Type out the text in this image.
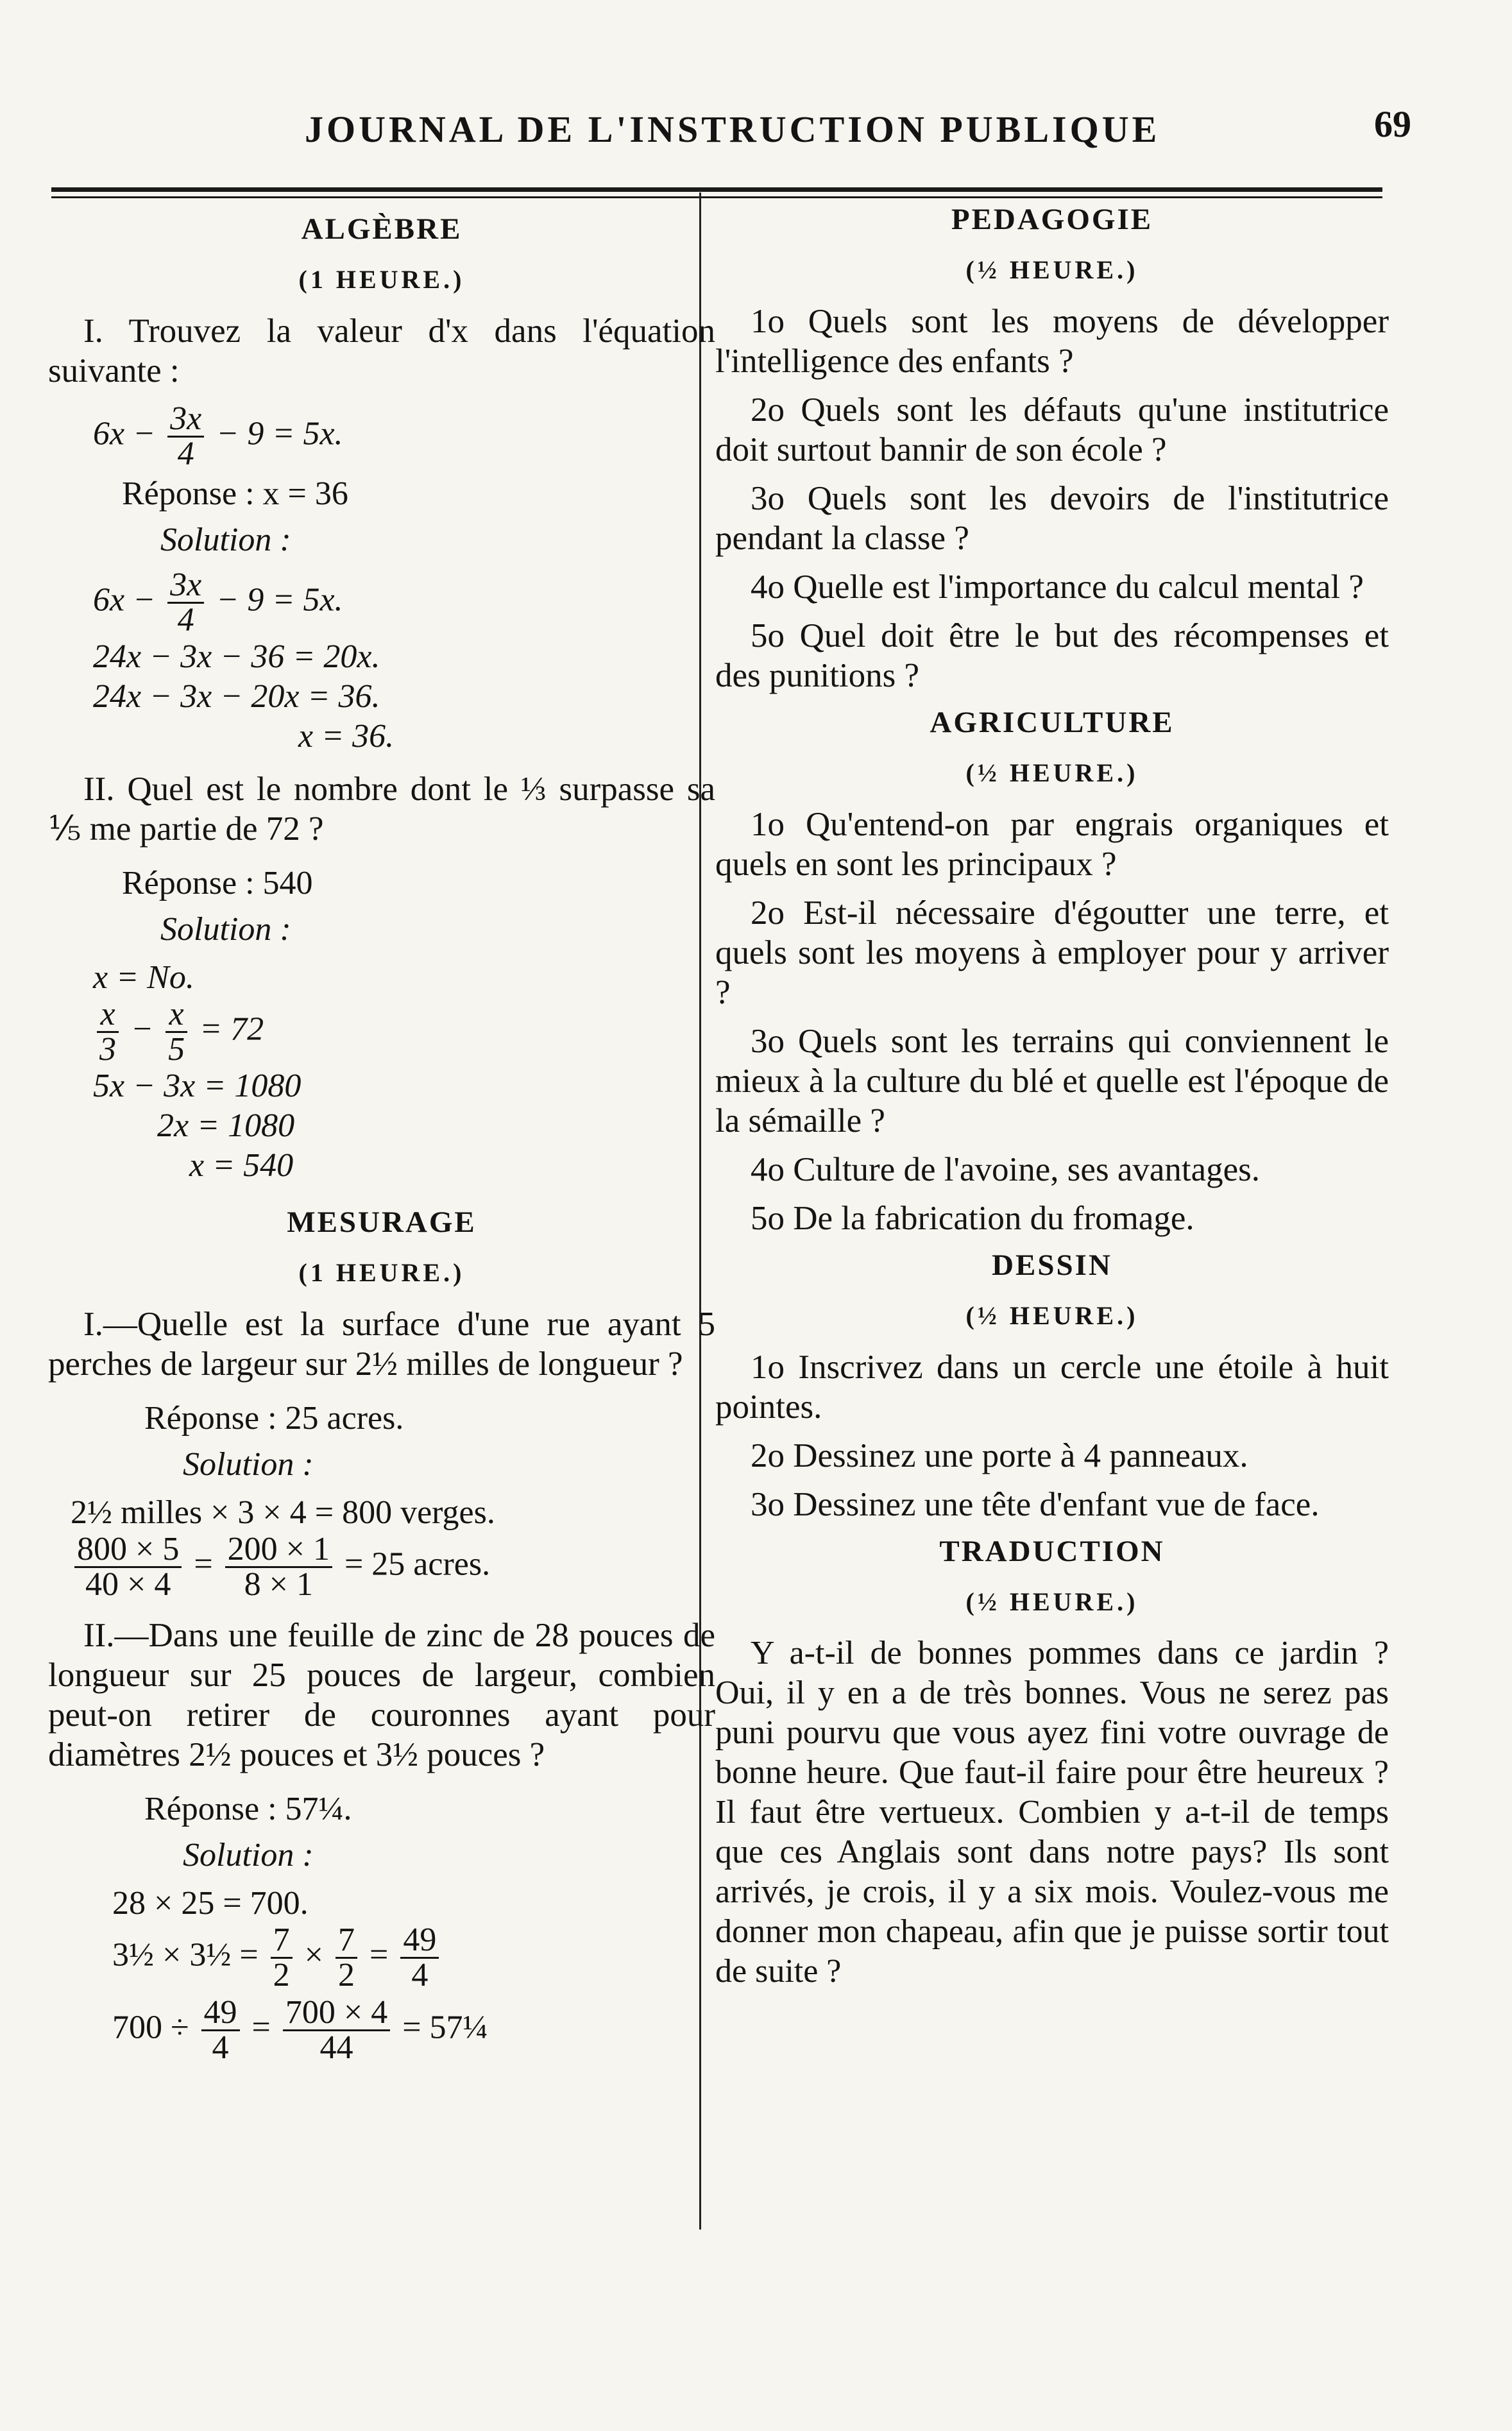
JOURNAL DE L'INSTRUCTION PUBLIQUE	69
ALGÈBRE
(1 HEURE.)

I. Trouvez la valeur d'x dans l'équation suivante :

$6x - \frac{3x}{4} - 9 = 5x$.
Réponse : x = 36
Solution :
$6x - \frac{3x}{4} - 9 = 5x$.
24x − 3x − 36 = 20x.
24x − 3x − 20x = 36.
x = 36.

II. Quel est le nombre dont le ⅓ surpasse sa ⅕ me partie de 72 ?

Réponse : 540
Solution :
x = No.
$\frac{x}{3} - \frac{x}{5} = 72$
5x − 3x = 1080
2x = 1080
x = 540
MESURAGE
(1 HEURE.)

I.—Quelle est la surface d'une rue ayant 5 perches de largeur sur 2½ milles de longueur ?

Réponse : 25 acres.
Solution :
2½ milles × 3 × 4 = 800 verges.
$\frac{800 \times 5}{40 \times 4} = \frac{200 \times 1}{8 \times 1} = 25$ acres.

II.—Dans une feuille de zinc de 28 pouces de longueur sur 25 pouces de largeur, combien peut-on retirer de couronnes ayant pour diamètres 2½ pouces et 3½ pouces ?

Réponse : 57¼.
Solution :
28 × 25 = 700.
3½ × 3½ = $\frac{7}{2} \times \frac{7}{2} = \frac{49}{4}$
$700 \div \frac{49}{4} = \frac{700 \times 4}{44}$ = 57¼
PEDAGOGIE
(½ HEURE.)

1o Quels sont les moyens de développer l'intelligence des enfants ?

2o Quels sont les défauts qu'une institutrice doit surtout bannir de son école ?

3o Quels sont les devoirs de l'institutrice pendant la classe ?

4o Quelle est l'importance du calcul mental ?

5o Quel doit être le but des récompenses et des punitions ?

AGRICULTURE
(½ HEURE.)

1o Qu'entend-on par engrais organiques et quels en sont les principaux ?

2o Est-il nécessaire d'égoutter une terre, et quels sont les moyens à employer pour y arriver ?

3o Quels sont les terrains qui conviennent le mieux à la culture du blé et quelle est l'époque de la sémaille ?

4o Culture de l'avoine, ses avantages.

5o De la fabrication du fromage.

DESSIN
(½ HEURE.)

1o Inscrivez dans un cercle une étoile à huit pointes.

2o Dessinez une porte à 4 panneaux.

3o Dessinez une tête d'enfant vue de face.

TRADUCTION
(½ HEURE.)

Y a-t-il de bonnes pommes dans ce jardin ? Oui, il y en a de très bonnes. Vous ne serez pas puni pourvu que vous ayez fini votre ouvrage de bonne heure. Que faut-il faire pour être heureux ? Il faut être vertueux. Combien y a-t-il de temps que ces Anglais sont dans notre pays? Ils sont arrivés, je crois, il y a six mois. Voulez-vous me donner mon chapeau, afin que je puisse sortir tout de suite ?
